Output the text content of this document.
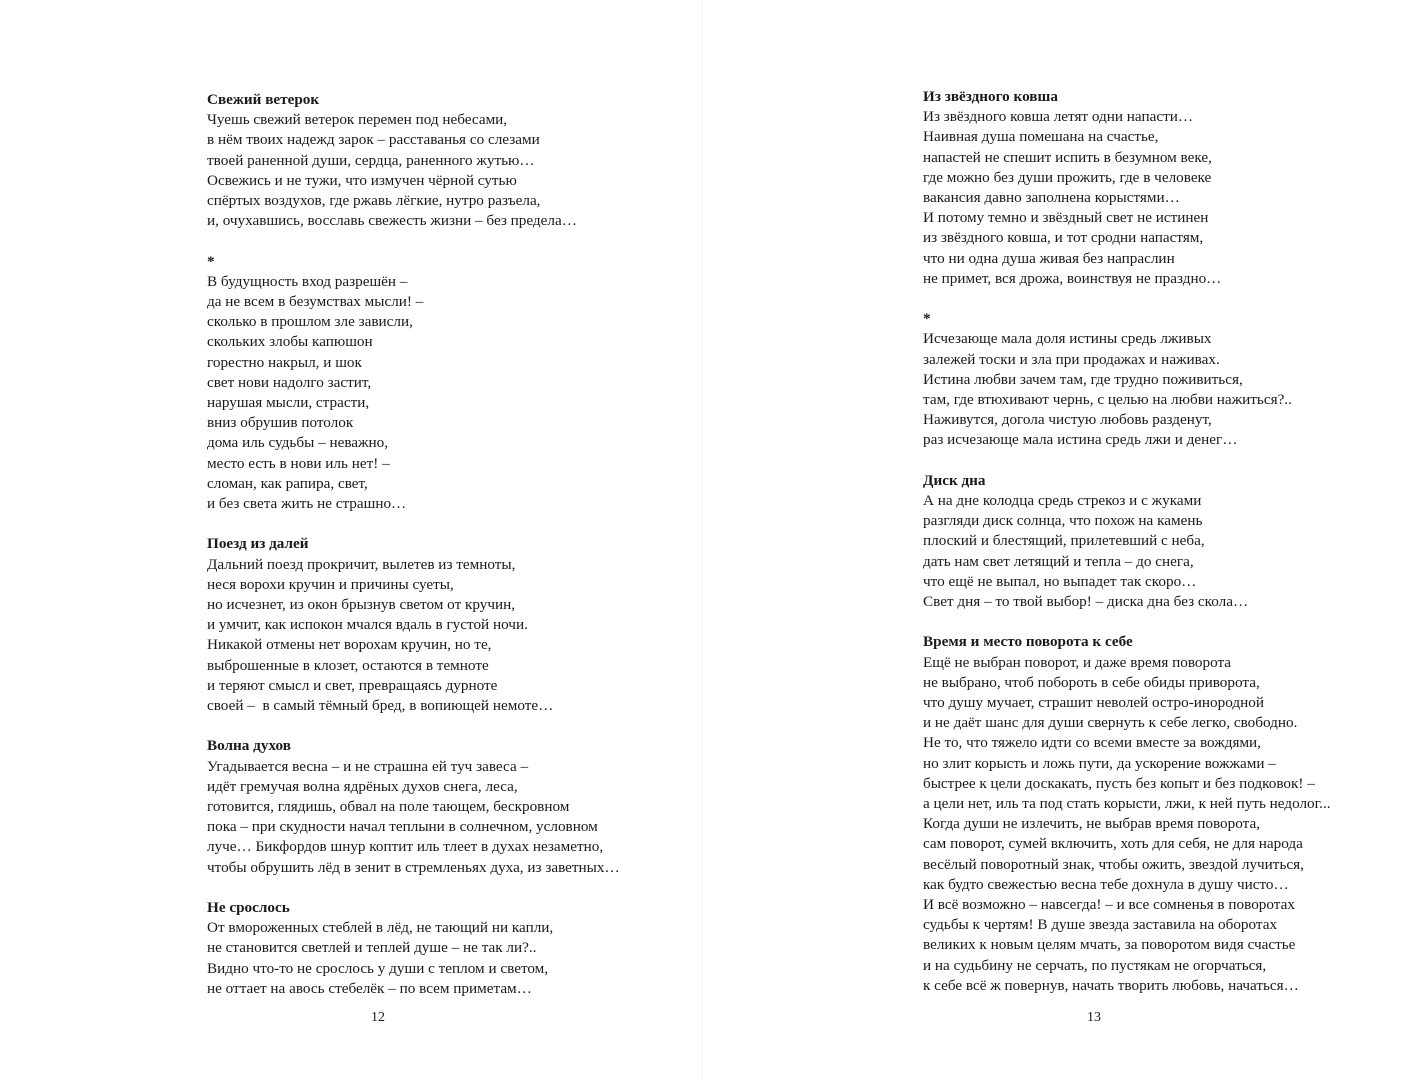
Свежий ветерок
Чуешь свежий ветерок перемен под небесами,
в нём твоих надежд зарок – расставанья со слезами
твоей раненной души, сердца, раненного жутью…
Освежись и не тужи, что измучен чёрной сутью
спёртых воздухов, где ржавь лёгкие, нутро разъела,
и, очухавшись, восславь свежесть жизни – без предела…
*
В будущность вход разрешён –
да не всем в безумствах мысли! –
сколько в прошлом зле зависли,
скольких злобы капюшон
горестно накрыл, и шок
свет нови надолго застит,
нарушая мысли, страсти,
вниз обрушив потолок
дома иль судьбы – неважно,
место есть в нови иль нет! –
сломан, как рапира, свет,
и без света жить не страшно…
Поезд из далей
Дальний поезд прокричит, вылетев из темноты,
неся ворохи кручин и причины суеты,
но исчезнет, из окон брызнув светом от кручин,
и умчит, как испокон мчался вдаль в густой ночи.
Никакой отмены нет ворохам кручин, но те,
выброшенные в клозет, остаются в темноте
и теряют смысл и свет, превращаясь дурноте
своей –  в самый тёмный бред, в вопиющей немоте…
Волна духов
Угадывается весна – и не страшна ей туч завеса –
идёт гремучая волна ядрёных духов снега, леса,
готовится, глядишь, обвал на поле тающем, бескровном
пока – при скудности начал теплыни в солнечном, условном
луче… Бикфордов шнур коптит иль тлеет в духах незаметно,
чтобы обрушить лёд в зенит в стремленьях духа, из заветных…
Не срослось
От вмороженных стеблей в лёд, не тающий ни капли,
не становится светлей и теплей душе – не так ли?..
Видно что-то не срослось у души с теплом и светом,
не оттает на авось стебелёк – по всем приметам…
12
Из звёздного ковша
Из звёздного ковша летят одни напасти…
Наивная душа помешана на счастье,
напастей не спешит испить в безумном веке,
где можно без души прожить, где в человеке
вакансия давно заполнена корыстями…
И потому темно и звёздный свет не истинен
из звёздного ковша, и тот сродни напастям,
что ни одна душа живая без напраслин
не примет, вся дрожа, воинствуя не праздно…
*
Исчезающе мала доля истины средь лживых
залежей тоски и зла при продажах и наживах.
Истина любви зачем там, где трудно поживиться,
там, где втюхивают чернь, с целью на любви нажиться?..
Наживутся, догола чистую любовь разденут,
раз исчезающе мала истина средь лжи и денег…
Диск дна
А на дне колодца средь стрекоз и с жуками
разгляди диск солнца, что похож на камень
плоский и блестящий, прилетевший с неба,
дать нам свет летящий и тепла – до снега,
что ещё не выпал, но выпадет так скоро…
Свет дня – то твой выбор! – диска дна без скола…
Время и место поворота к себе
Ещё не выбран поворот, и даже время поворота
не выбрано, чтоб побороть в себе обиды приворота,
что душу мучает, страшит неволей остро-инородной
и не даёт шанс для души свернуть к себе легко, свободно.
Не то, что тяжело идти со всеми вместе за вождями,
но злит корысть и ложь пути, да ускорение вожжами –
быстрее к цели доскакать, пусть без копыт и без подковок! –
а цели нет, иль та под стать корысти, лжи, к ней путь недолог...
Когда души не излечить, не выбрав время поворота,
сам поворот, сумей включить, хоть для себя, не для народа
весёлый поворотный знак, чтобы ожить, звездой лучиться,
как будто свежестью весна тебе дохнула в душу чисто…
И всё возможно – навсегда! – и все сомненья в поворотах
судьбы к чертям! В душе звезда заставила на оборотах
великих к новым целям мчать, за поворотом видя счастье
и на судьбину не серчать, по пустякам не огорчаться,
к себе всё ж повернув, начать творить любовь, начаться…
13
